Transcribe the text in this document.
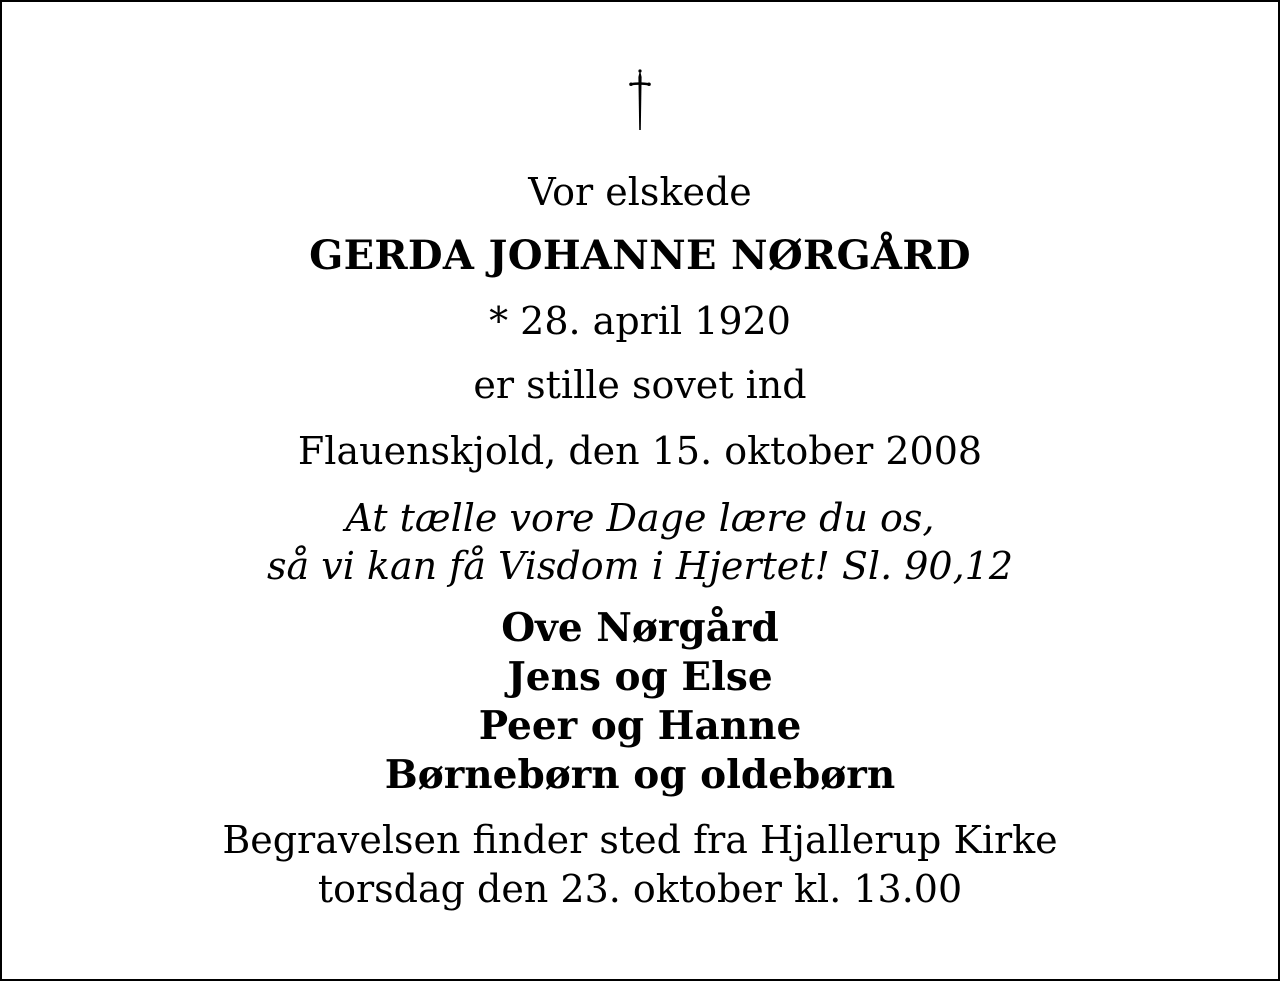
Vor elskede

GERDA JOHANNE NØRGÅRD

* 28. april 1920

er stille sovet ind

Flauenskjold, den 15. oktober 2008

At tælle vore Dage lære du os,

så vi kan få Visdom i Hjertet! Sl. 90,12

Ove Nørgård

Jens og Else

Peer og Hanne

Børnebørn og oldebørn

Begravelsen finder sted fra Hjallerup Kirke

torsdag den 23. oktober kl. 13.00
